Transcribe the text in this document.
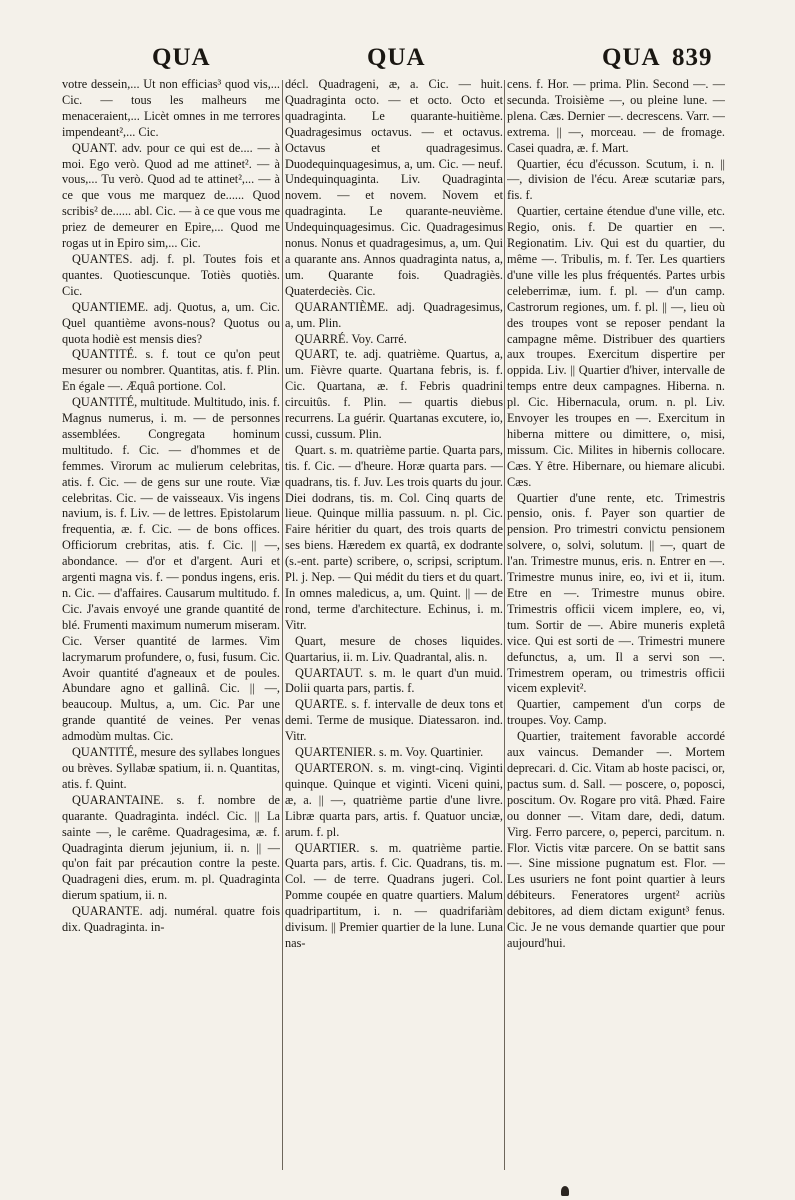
QUA	QUA	QUA 839

votre dessein,... Ut non efficias³ quod vis,... Cic. — tous les malheurs me menaceraient,... Licèt omnes in me terrores impendeant²,... Cic.

QUANT. adv. pour ce qui est de.... — à moi. Ego verò. Quod ad me attinet². — à vous,... Tu verò. Quod ad te attinet²,... — à ce que vous me marquez de...... Quod scribis² de...... abl. Cic. — à ce que vous me priez de demeurer en Epire,... Quod me rogas ut in Epiro sim,... Cic.

QUANTES. adj. f. pl. Toutes fois et quantes. Quotiescunque. Totiès quotiès. Cic.

QUANTIEME. adj. Quotus, a, um. Cic. Quel quantième avons-nous? Quotus ou quota hodiè est mensis dies?

QUANTITÉ. s. f. tout ce qu'on peut mesurer ou nombrer. Quantitas, atis. f. Plin. En égale —. Æquâ portione. Col.

QUANTITÉ, multitude. Multitudo, inis. f. Magnus numerus, i. m. — de personnes assemblées. Congregata hominum multitudo. f. Cic. — d'hommes et de femmes. Virorum ac mulierum celebritas, atis. f. Cic. — de gens sur une route. Viæ celebritas. Cic. — de vaisseaux. Vis ingens navium, is. f. Liv. — de lettres. Epistolarum frequentia, æ. f. Cic. — de bons offices. Officiorum crebritas, atis. f. Cic. || —, abondance. — d'or et d'argent. Auri et argenti magna vis. f. — pondus ingens, eris. n. Cic. — d'affaires. Causarum multitudo. f. Cic. J'avais envoyé une grande quantité de blé. Frumenti maximum numerum miseram. Cic. Verser quantité de larmes. Vim lacrymarum profundere, o, fusi, fusum. Cic. Avoir quantité d'agneaux et de poules. Abundare agno et gallinâ. Cic. || —, beaucoup. Multus, a, um. Cic. Par une grande quantité de veines. Per venas admodùm multas. Cic.

QUANTITÉ, mesure des syllabes longues ou brèves. Syllabæ spatium, ii. n. Quantitas, atis. f. Quint.

QUARANTAINE. s. f. nombre de quarante. Quadraginta. indécl. Cic. || La sainte —, le carême. Quadragesima, æ. f. Quadraginta dierum jejunium, ii. n. || — qu'on fait par précaution contre la peste. Quadrageni dies, erum. m. pl. Quadraginta dierum spatium, ii. n.

QUARANTE. adj. numéral. quatre fois dix. Quadraginta. in-

décl. Quadrageni, æ, a. Cic. — huit. Quadraginta octo. — et octo. Octo et quadraginta. Le quarante-huitième. Quadragesimus octavus. — et octavus. Octavus et quadragesimus. Duodequinquagesimus, a, um. Cic. — neuf. Undequinquaginta. Liv. Quadraginta novem. — et novem. Novem et quadraginta. Le quarante-neuvième. Undequinquagesimus. Cic. Quadragesimus nonus. Nonus et quadragesimus, a, um. Qui a quarante ans. Annos quadraginta natus, a, um. Quarante fois. Quadragiès. Quaterdeciès. Cic.

QUARANTIÈME. adj. Quadragesimus, a, um. Plin.

QUARRÉ. Voy. Carré.

QUART, te. adj. quatrième. Quartus, a, um. Fièvre quarte. Quartana febris, is. f. Cic. Quartana, æ. f. Febris quadrini circuitûs. f. Plin. — quartis diebus recurrens. La guérir. Quartanas excutere, io, cussi, cussum. Plin.

Quart. s. m. quatrième partie. Quarta pars, tis. f. Cic. — d'heure. Horæ quarta pars. — quadrans, tis. f. Juv. Les trois quarts du jour. Diei dodrans, tis. m. Col. Cinq quarts de lieue. Quinque millia passuum. n. pl. Cic. Faire héritier du quart, des trois quarts de ses biens. Hæredem ex quartâ, ex dodrante (s.-ent. parte) scribere, o, scripsi, scriptum. Pl. j. Nep. — Qui médit du tiers et du quart. In omnes maledicus, a, um. Quint. || — de rond, terme d'architecture. Echinus, i. m. Vitr.

Quart, mesure de choses liquides. Quartarius, ii. m. Liv. Quadrantal, alis. n.

QUARTAUT. s. m. le quart d'un muid. Dolii quarta pars, partis. f.

QUARTE. s. f. intervalle de deux tons et demi. Terme de musique. Diatessaron. ind. Vitr.

QUARTENIER. s. m. Voy. Quartinier.

QUARTERON. s. m. vingt-cinq. Viginti quinque. Quinque et viginti. Viceni quini, æ, a. || —, quatrième partie d'une livre. Libræ quarta pars, artis. f. Quatuor unciæ, arum. f. pl.

QUARTIER. s. m. quatrième partie. Quarta pars, artis. f. Cic. Quadrans, tis. m. Col. — de terre. Quadrans jugeri. Col. Pomme coupée en quatre quartiers. Malum quadripartitum, i. n. — quadrifariàm divisum. || Premier quartier de la lune. Luna nas-

cens. f. Hor. — prima. Plin. Second —. — secunda. Troisième —, ou pleine lune. — plena. Cæs. Dernier —. decrescens. Varr. — extrema. || —, morceau. — de fromage. Casei quadra, æ. f. Mart.

Quartier, écu d'écusson. Scutum, i. n. || —, division de l'écu. Areæ scutariæ pars, fis. f.

Quartier, certaine étendue d'une ville, etc. Regio, onis. f. De quartier en —. Regionatim. Liv. Qui est du quartier, du même —. Tribulis, m. f. Ter. Les quartiers d'une ville les plus fréquentés. Partes urbis celeberrimæ, ium. f. pl. — d'un camp. Castrorum regiones, um. f. pl. || —, lieu où des troupes vont se reposer pendant la campagne même. Distribuer des quartiers aux troupes. Exercitum dispertire per oppida. Liv. || Quartier d'hiver, intervalle de temps entre deux campagnes. Hiberna. n. pl. Cic. Hibernacula, orum. n. pl. Liv. Envoyer les troupes en —. Exercitum in hiberna mittere ou dimittere, o, misi, missum. Cic. Milites in hibernis collocare. Cæs. Y être. Hibernare, ou hiemare alicubi. Cæs.

Quartier d'une rente, etc. Trimestris pensio, onis. f. Payer son quartier de pension. Pro trimestri convictu pensionem solvere, o, solvi, solutum. || —, quart de l'an. Trimestre munus, eris. n. Entrer en —. Trimestre munus inire, eo, ivi et ii, itum. Etre en —. Trimestre munus obire. Trimestris officii vicem implere, eo, vi, tum. Sortir de —. Abire muneris expletâ vice. Qui est sorti de —. Trimestri munere defunctus, a, um. Il a servi son —. Trimestrem operam, ou trimestris officii vicem explevit².

Quartier, campement d'un corps de troupes. Voy. Camp.

Quartier, traitement favorable accordé aux vaincus. Demander —. Mortem deprecari. d. Cic. Vitam ab hoste pacisci, or, pactus sum. d. Sall. — poscere, o, poposci, poscitum. Ov. Rogare pro vitâ. Phæd. Faire ou donner —. Vitam dare, dedi, datum. Virg. Ferro parcere, o, peperci, parcitum. n. Flor. Victis vitæ parcere. On se battit sans —. Sine missione pugnatum est. Flor. — Les usuriers ne font point quartier à leurs débiteurs. Feneratores urgent² acriùs debitores, ad diem dictam exigunt³ fenus. Cic. Je ne vous demande quartier que pour aujourd'hui.
